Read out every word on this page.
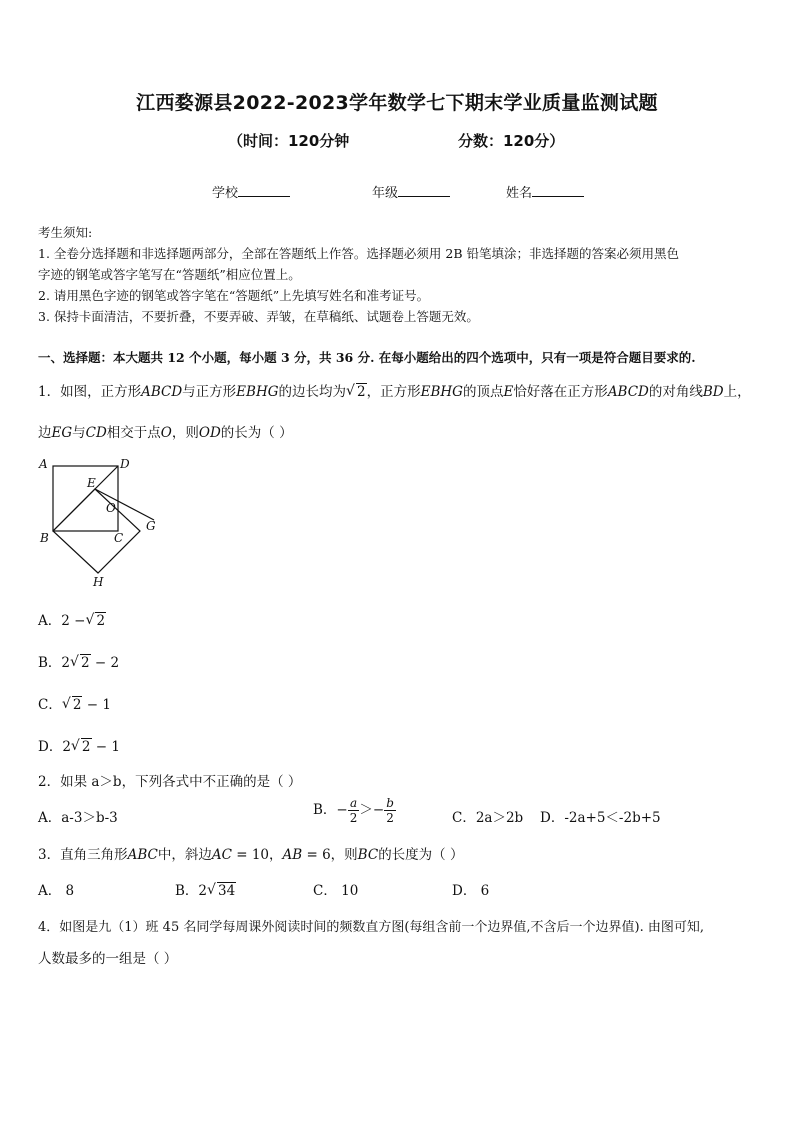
江西婺源县2022-2023学年数学七下期末学业质量监测试题
（时间：120分钟	分数：120分）
学校	年级	姓名
考生须知:
1. 全卷分选择题和非选择题两部分，全部在答题纸上作答。选择题必须用 2B 铅笔填涂；非选择题的答案必须用黑色
字迹的钢笔或答字笔写在“答题纸”相应位置上。
2. 请用黑色字迹的钢笔或答字笔在“答题纸”上先填写姓名和准考证号。
3. 保持卡面清洁，不要折叠，不要弄破、弄皱，在草稿纸、试题卷上答题无效。
一、选择题：本大题共 12 个小题，每小题 3 分，共 36 分. 在每小题给出的四个选项中，只有一项是符合题目要求的.
1．如图，正方形ABCD与正方形EBHG的边长均为 √ 2，正方形EBHG的顶点E恰好落在正方形ABCD的对角线BD上，
边EG与CD相交于点O，则OD的长为（ ）
A	D
E
O
G
B	C
H
A．2 − √ 2
B．2 √ 2 − 2
C． √ 2 − 1
D．2 √ 2 − 1
2．如果 a＞b，下列各式中不正确的是（ ）
A．a-3＞b-3	B．− $\frac{a}{2} >- \frac{b}{2}$	C．2a＞2b D．-2a+5＜-2b+5
3．直角三角形ABC中，斜边AC = 10，AB = 6，则BC的长度为（ ）
A． 8	B．2 √ 34	C． 10	D． 6
4．如图是九（1）班 45 名同学每周课外阅读时间的频数直方图(每组含前一个边界值,不含后一个边界值). 由图可知,
人数最多的一组是（ ）
